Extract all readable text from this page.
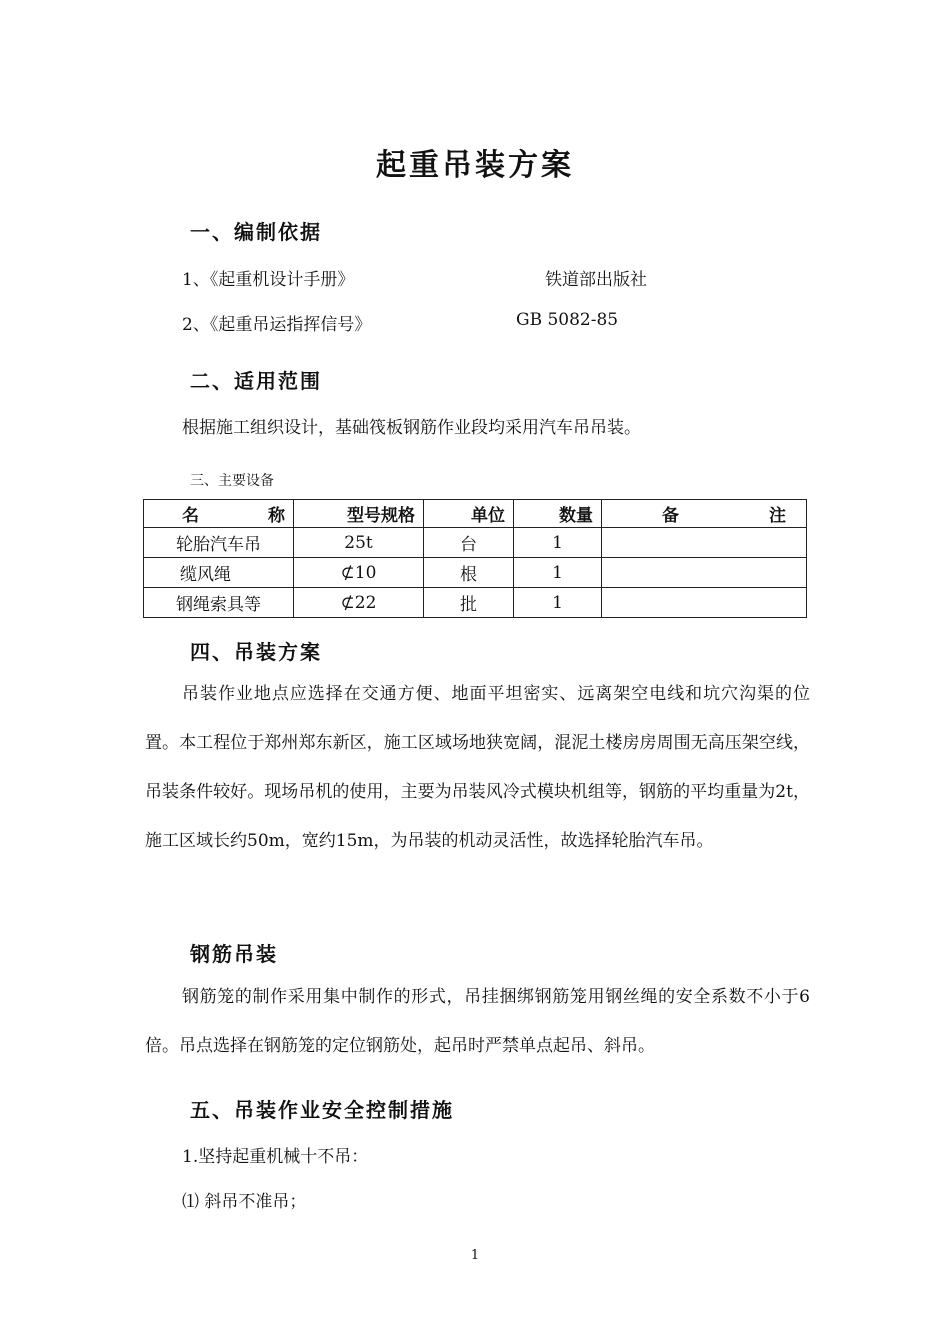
起重吊装方案
一、编制依据
1、《起重机设计手册》	铁道部出版社
2、《起重吊运指挥信号》	GB 5082-85
二、适用范围
根据施工组织设计，基础筏板钢筋作业段均采用汽车吊吊装。
三、主要设备
名 称	型号规格	单位	数量	备 注

轮胎汽车吊	25t	台	1	
缆风绳	⊄10	根	1	
钢绳索具等	⊄22	批	1	
四、吊装方案
吊装作业地点应选择在交通方便、地面平坦密实、远离架空电线和坑穴沟渠的位置。本工程位于郑州郑东新区，施工区域场地狭宽阔，混泥土楼房房周围无高压架空线，吊装条件较好。现场吊机的使用，主要为吊装风冷式模块机组等，钢筋的平均重量为2t，施工区域长约50m，宽约15m，为吊装的机动灵活性，故选择轮胎汽车吊。
钢筋吊装
钢筋笼的制作采用集中制作的形式，吊挂捆绑钢筋笼用钢丝绳的安全系数不小于6倍。吊点选择在钢筋笼的定位钢筋处，起吊时严禁单点起吊、斜吊。
五、吊装作业安全控制措施
1.坚持起重机械十不吊：
⑴ 斜吊不准吊；
1
